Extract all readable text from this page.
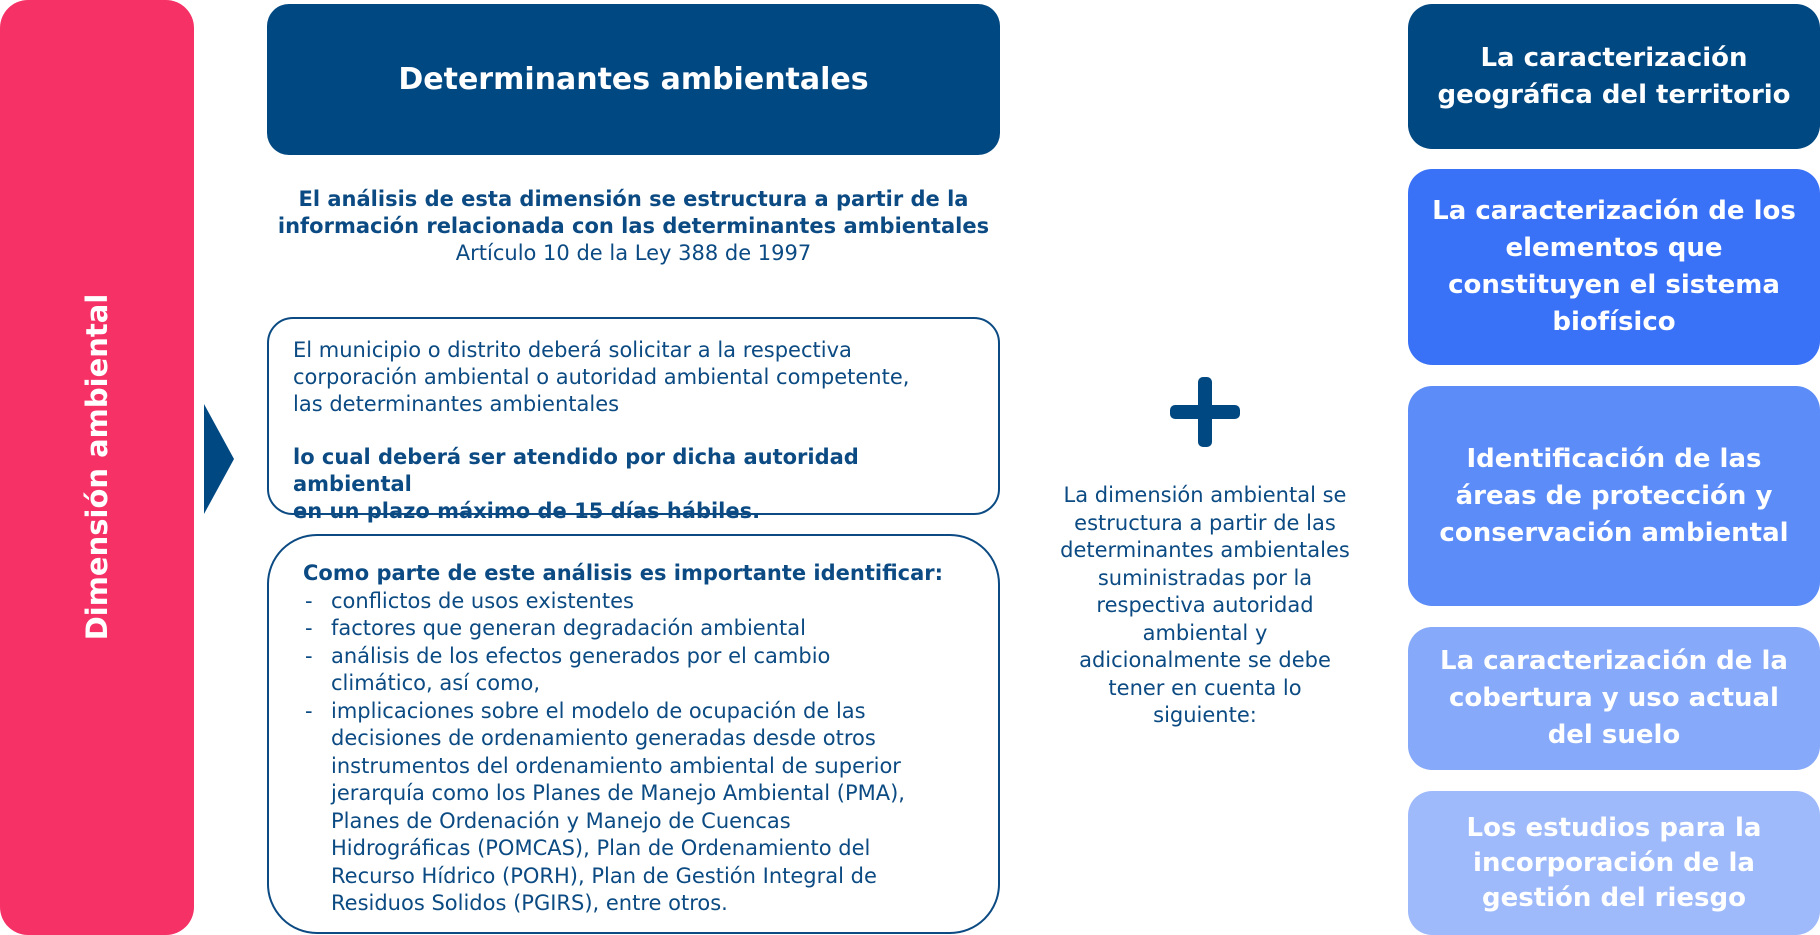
Dimensión ambiental
Determinantes ambientales
El análisis de esta dimensión se estructura a partir de la
información relacionada con las determinantes ambientales
Artículo 10 de la Ley 388 de 1997

El municipio o distrito deberá solicitar a la respectiva
corporación ambiental o autoridad ambiental competente,
las determinantes ambientales

lo cual deberá ser atendido por dicha autoridad ambiental
en un plazo máximo de 15 días hábiles.

Como parte de este análisis es importante identificar:

- conflictos de usos existentes
- factores que generan degradación ambiental
- análisis de los efectos generados por el cambio
climático, así como,
- implicaciones sobre el modelo de ocupación de las
decisiones de ordenamiento generadas desde otros
instrumentos del ordenamiento ambiental de superior
jerarquía como los Planes de Manejo Ambiental (PMA),
Planes de Ordenación y Manejo de Cuencas
Hidrográficas (POMCAS), Plan de Ordenamiento del
Recurso Hídrico (PORH), Plan de Gestión Integral de
Residuos Solidos (PGIRS), entre otros.
La dimensión ambiental se
estructura a partir de las
determinantes ambientales
suministradas por la
respectiva autoridad
ambiental y
adicionalmente se debe
tener en cuenta lo
siguiente:
La caracterización
geográfica del territorio
La caracterización de los
elementos que
constituyen el sistema
biofísico
Identificación de las
áreas de protección y
conservación ambiental
La caracterización de la
cobertura y uso actual
del suelo
Los estudios para la
incorporación de la
gestión del riesgo
